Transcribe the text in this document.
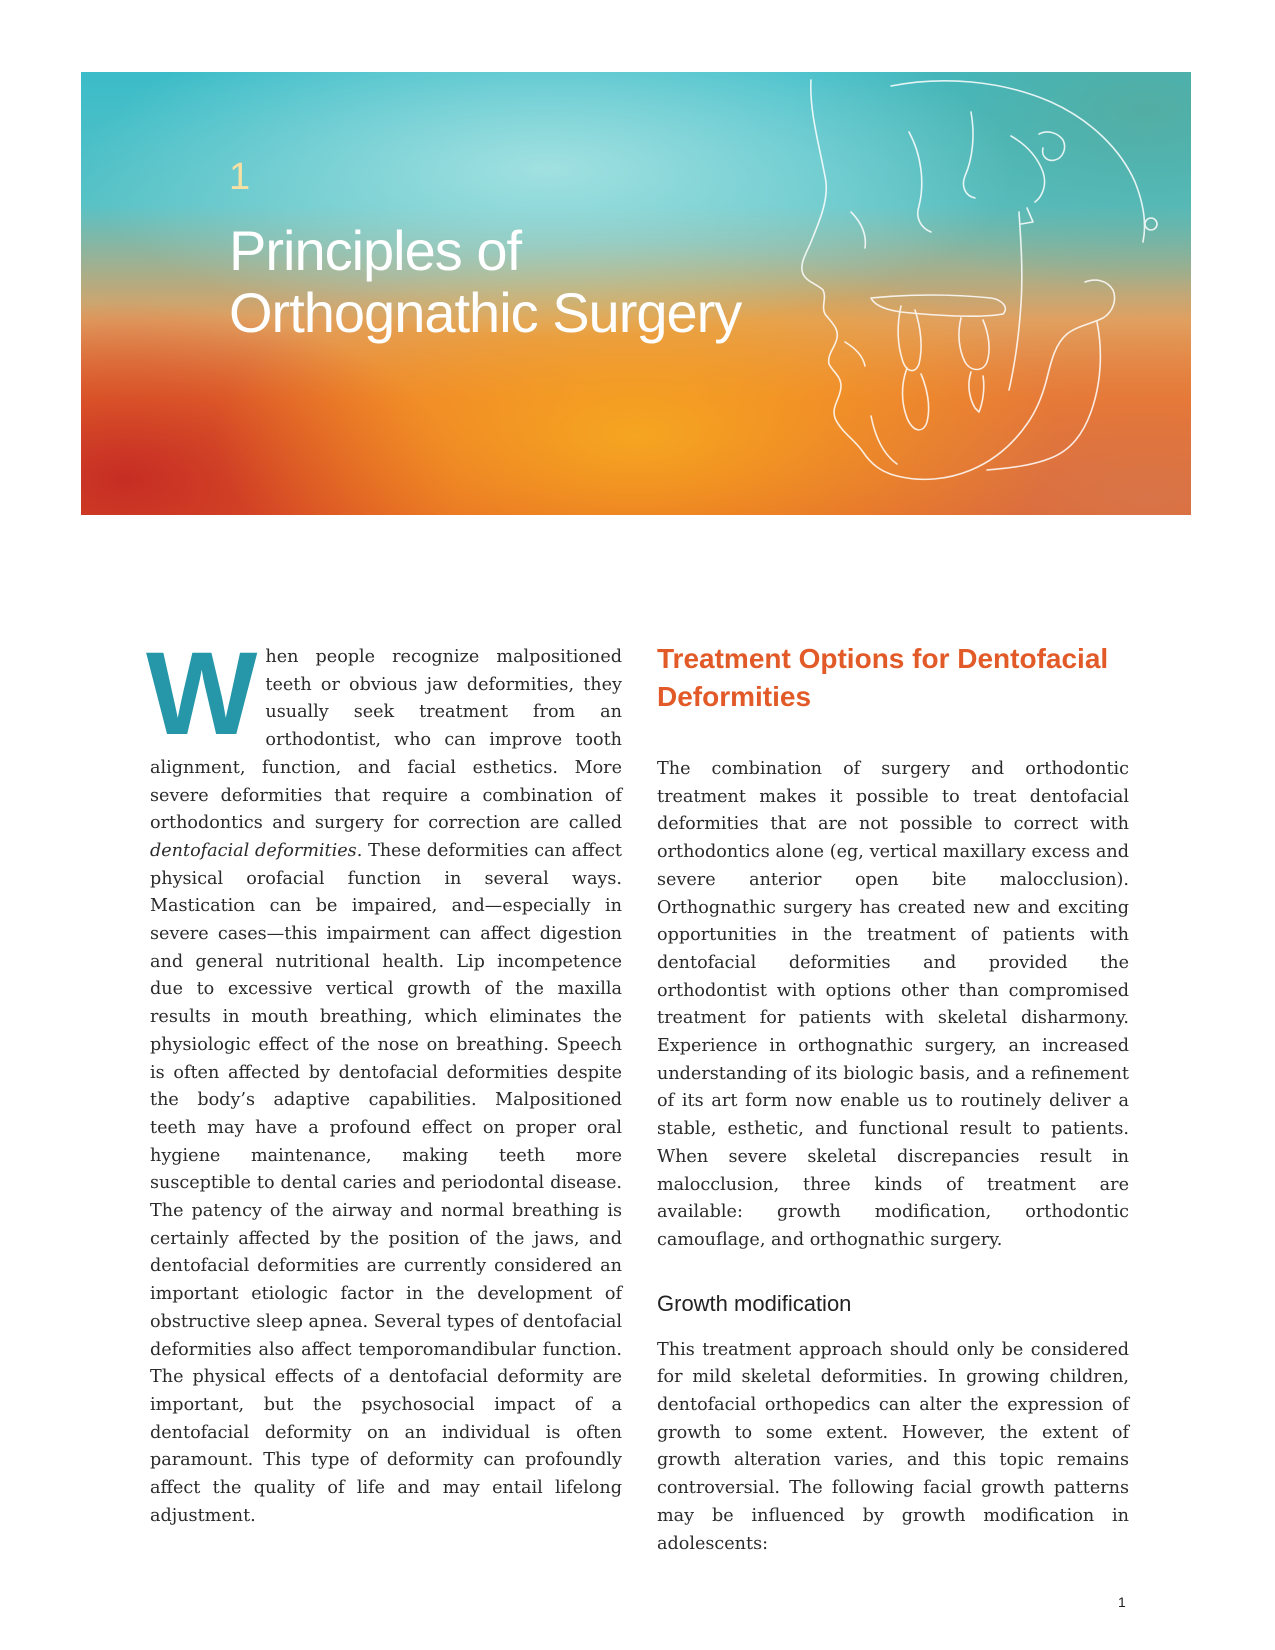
1
Principles of
Orthognathic Surgery

When people recognize malpositioned teeth or obvious jaw deformities, they usually seek treatment from an orthodontist, who can improve tooth alignment, function, and facial esthetics. More severe deformities that require a combination of orthodontics and surgery for correction are called dentofacial deformities. These deformities can affect physical orofacial function in several ways. Mastication can be impaired, and—especially in severe cases—this impairment can affect digestion and general nutritional health. Lip incompetence due to excessive vertical growth of the maxilla results in mouth breathing, which eliminates the physiologic effect of the nose on breathing. Speech is often affected by dentofacial deformities despite the body’s adaptive capabilities. Malpositioned teeth may have a profound effect on proper oral hygiene maintenance, making teeth more susceptible to dental caries and periodontal disease. The patency of the airway and normal breathing is certainly affected by the position of the jaws, and dentofacial deformities are currently considered an important etiologic factor in the development of obstructive sleep apnea. Several types of dentofacial deformities also affect temporomandibular function. The physical effects of a dentofacial deformity are important, but the psychosocial impact of a dentofacial deformity on an individual is often paramount. This type of deformity can profoundly affect the quality of life and may entail lifelong adjustment.

Treatment Options for Dentofacial Deformities

The combination of surgery and orthodontic treatment makes it possible to treat dentofacial deformities that are not possible to correct with orthodontics alone (eg, vertical maxillary excess and severe anterior open bite malocclusion). Orthognathic surgery has created new and exciting opportunities in the treatment of patients with dentofacial deformities and provided the orthodontist with options other than compromised treatment for patients with skeletal disharmony. Experience in orthognathic surgery, an increased understanding of its biologic basis, and a refinement of its art form now enable us to routinely deliver a stable, esthetic, and functional result to patients. When severe skeletal discrepancies result in malocclusion, three kinds of treatment are available: growth modification, orthodontic camouflage, and orthognathic surgery.

Growth modification

This treatment approach should only be considered for mild skeletal deformities. In growing children, dentofacial orthopedics can alter the expression of growth to some extent. However, the extent of growth alteration varies, and this topic remains controversial. The following facial growth patterns may be influenced by growth modification in adolescents:

1
